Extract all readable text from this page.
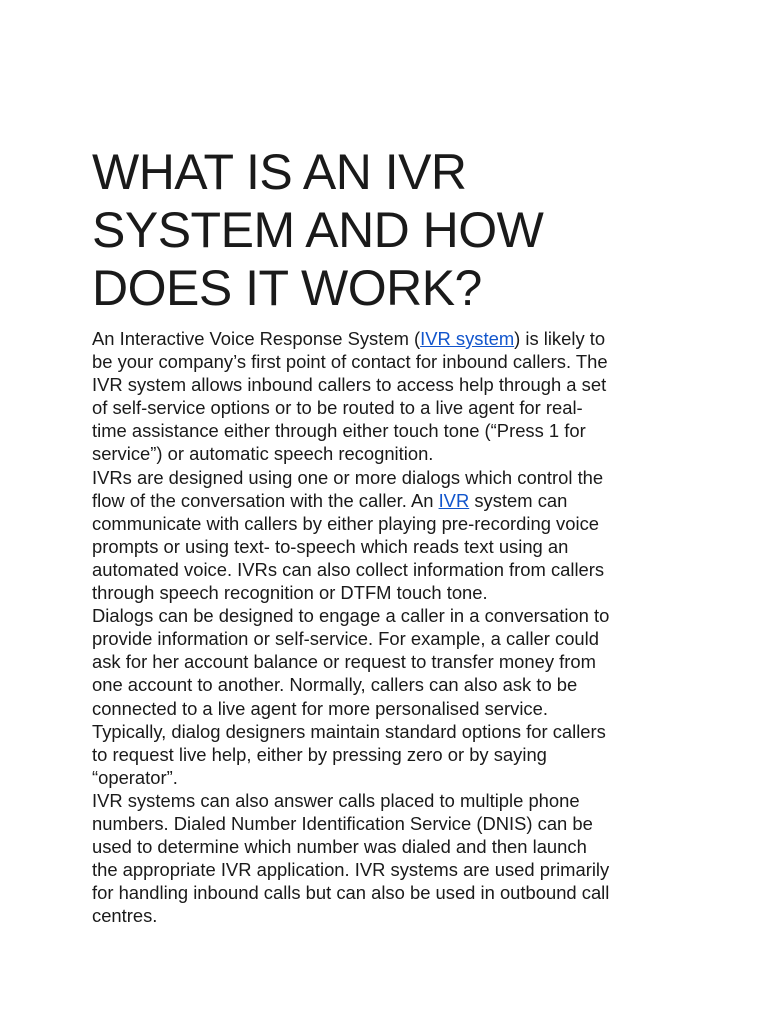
WHAT IS AN IVR
SYSTEM AND HOW
DOES IT WORK?
An Interactive Voice Response System (IVR system) is likely to
be your company’s first point of contact for inbound callers. The
IVR system allows inbound callers to access help through a set
of self-service options or to be routed to a live agent for real-
time assistance either through either touch tone (“Press 1 for
service”) or automatic speech recognition.
IVRs are designed using one or more dialogs which control the
flow of the conversation with the caller. An IVR system can
communicate with callers by either playing pre-recording voice
prompts or using text- to-speech which reads text using an
automated voice. IVRs can also collect information from callers
through speech recognition or DTFM touch tone.
Dialogs can be designed to engage a caller in a conversation to
provide information or self-service. For example, a caller could
ask for her account balance or request to transfer money from
one account to another. Normally, callers can also ask to be
connected to a live agent for more personalised service.
Typically, dialog designers maintain standard options for callers
to request live help, either by pressing zero or by saying
“operator”.
IVR systems can also answer calls placed to multiple phone
numbers. Dialed Number Identification Service (DNIS) can be
used to determine which number was dialed and then launch
the appropriate IVR application. IVR systems are used primarily
for handling inbound calls but can also be used in outbound call
centres.
